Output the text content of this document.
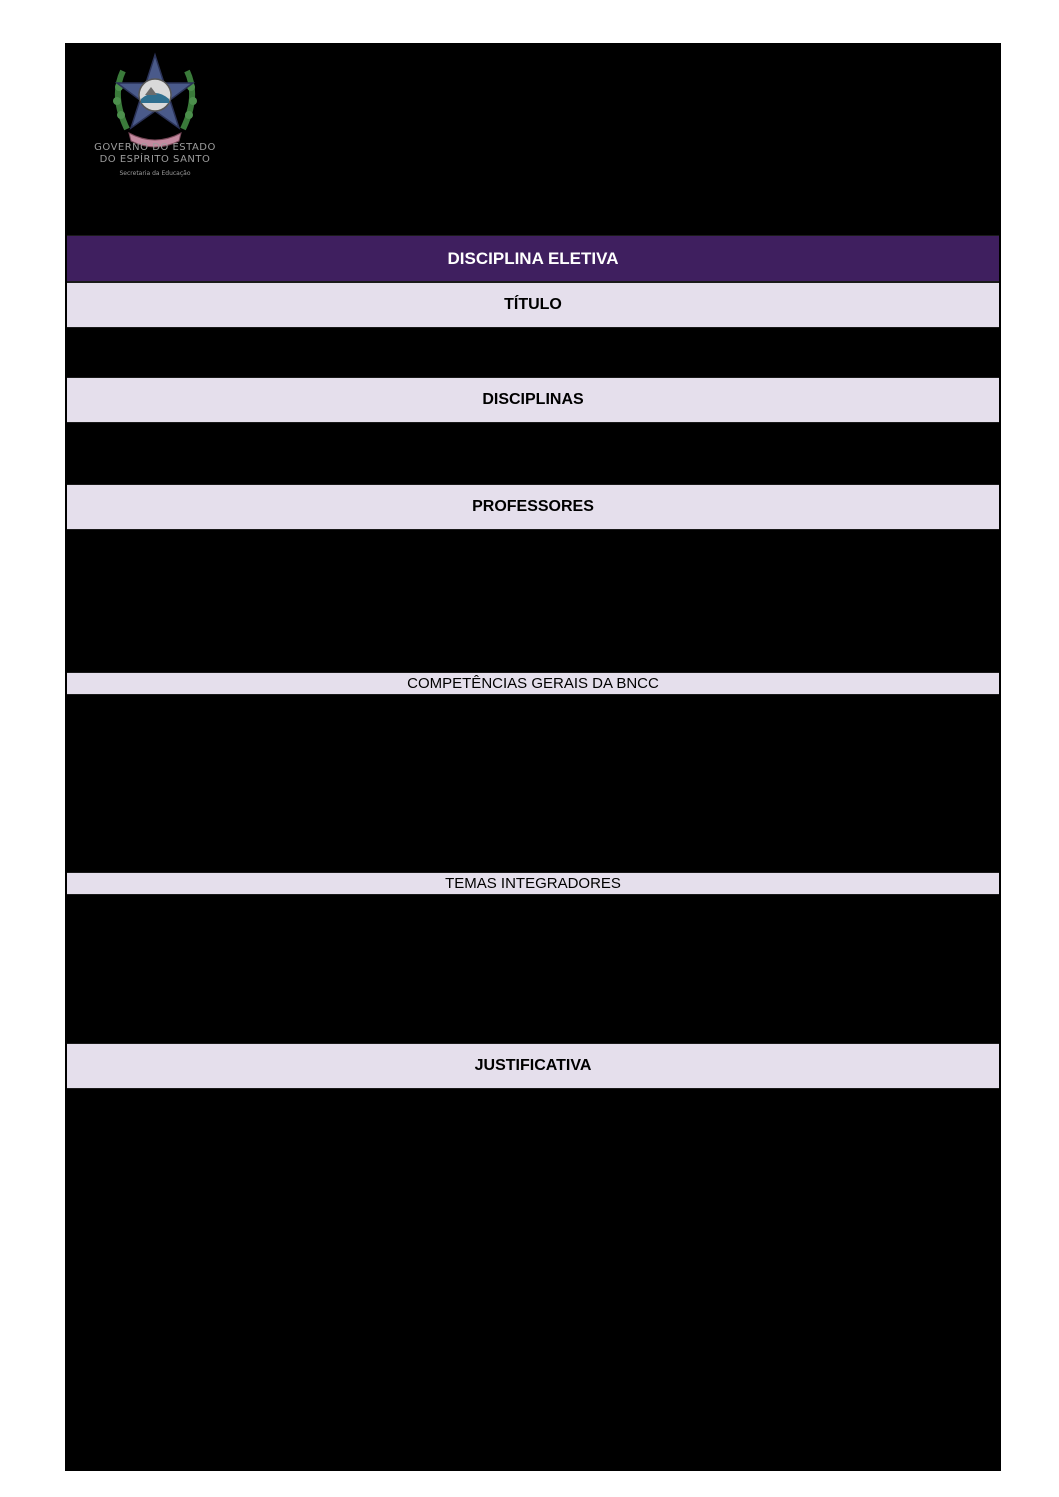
GOVERNO DO ESTADO
DO ESPÍRITO SANTO
Secretaria da Educação
DISCIPLINA ELETIVA
TÍTULO
DISCIPLINAS
PROFESSORES
COMPETÊNCIAS GERAIS DA BNCC
TEMAS INTEGRADORES
JUSTIFICATIVA
